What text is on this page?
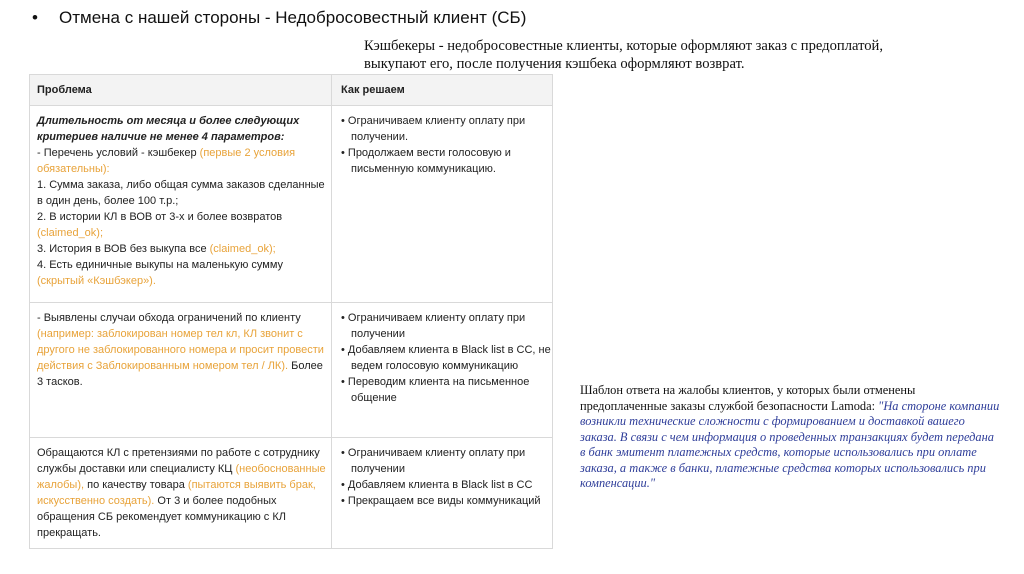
• Отмена с нашей стороны - Недобросовестный клиент (СБ)
Кэшбекеры - недобросовестные клиенты, которые оформляют заказ с предоплатой, выкупают его, после получения кэшбека оформляют возврат.
Проблема	Как решаем
Длительность от месяца и более следующих критериев наличие не менее 4 параметров:
- Перечень условий - кэшбекер (первые 2 условия обязательны):
1. Сумма заказа, либо общая сумма заказов сделанные в один день, более 100 т.р.;
2. В истории КЛ в ВОВ от 3-х и более возвратов (claimed_ok);
3. История в ВОВ без выкупа все (claimed_ok);
4. Есть единичные выкупы на маленькую сумму (скрытый «Кэшбэкер»).
• Ограничиваем клиенту оплату при получении.
• Продолжаем вести голосовую и письменную коммуникацию.
- Выявлены случаи обхода ограничений по клиенту (например: заблокирован номер тел кл, КЛ звонит с другого не заблокированного номера и просит провести действия с Заблокированным номером тел / ЛК). Более 3 тасков.
• Ограничиваем клиенту оплату при получении
• Добавляем клиента в Black list в CC, не ведем голосовую коммуникацию
• Переводим клиента на письменное общение
Обращаются КЛ с претензиями по работе с сотруднику службы доставки или специалисту КЦ (необоснованные жалобы), по качеству товара (пытаются выявить брак, искусственно создать). От 3 и более подобных обращения СБ рекомендует коммуникацию с КЛ прекращать.
• Ограничиваем клиенту оплату при получении
• Добавляем клиента в Black list в CC
• Прекращаем все виды коммуникаций
Шаблон ответа на жалобы клиентов, у которых были отменены предоплаченные заказы службой безопасности Lamoda: "На стороне компании возникли технические сложности с формированием и доставкой вашего заказа. В связи с чем информация о проведенных транзакциях будет передана в банк эмитент платежных средств, которые использовались при оплате заказа, а также в банки, платежные средства которых использовались при компенсации."
